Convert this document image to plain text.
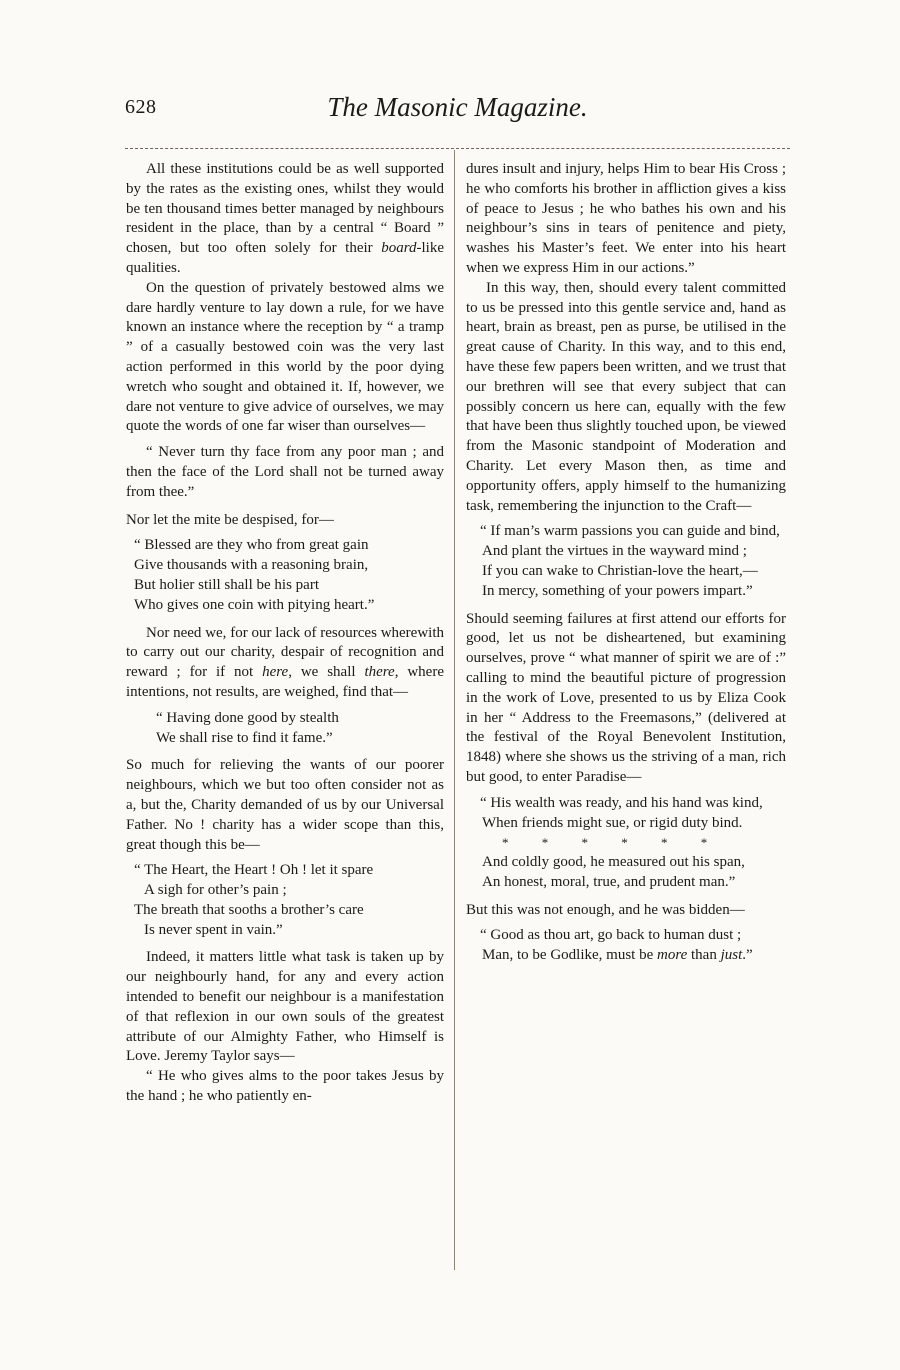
628	The Masonic Magazine.

All these institutions could be as well supported by the rates as the existing ones, whilst they would be ten thousand times better managed by neighbours resident in the place, than by a central “ Board ” chosen, but too often solely for their board-like qualities.

On the question of privately bestowed alms we dare hardly venture to lay down a rule, for we have known an instance where the reception by “ a tramp ” of a casually bestowed coin was the very last action performed in this world by the poor dying wretch who sought and obtained it. If, however, we dare not venture to give advice of ourselves, we may quote the words of one far wiser than ourselves—

“ Never turn thy face from any poor man ; and then the face of the Lord shall not be turned away from thee.”

Nor let the mite be despised, for—

“ Blessed are they who from great gain
Give thousands with a reasoning brain,
But holier still shall be his part
Who gives one coin with pitying heart.”

Nor need we, for our lack of resources wherewith to carry out our charity, despair of recognition and reward ; for if not here, we shall there, where intentions, not results, are weighed, find that—

“ Having done good by stealth
We shall rise to find it fame.”

So much for relieving the wants of our poorer neighbours, which we but too often consider not as a, but the, Charity demanded of us by our Universal Father. No ! charity has a wider scope than this, great though this be—

“ The Heart, the Heart ! Oh ! let it spare
A sigh for other’s pain ;
The breath that sooths a brother’s care
Is never spent in vain.”

Indeed, it matters little what task is taken up by our neighbourly hand, for any and every action intended to benefit our neighbour is a manifestation of that reflexion in our own souls of the greatest attribute of our Almighty Father, who Himself is Love. Jeremy Taylor says—

“ He who gives alms to the poor takes Jesus by the hand ; he who patiently en-

dures insult and injury, helps Him to bear His Cross ; he who comforts his brother in affliction gives a kiss of peace to Jesus ; he who bathes his own and his neighbour’s sins in tears of penitence and piety, washes his Master’s feet. We enter into his heart when we express Him in our actions.”

In this way, then, should every talent committed to us be pressed into this gentle service and, hand as heart, brain as breast, pen as purse, be utilised in the great cause of Charity. In this way, and to this end, have these few papers been written, and we trust that our brethren will see that every subject that can possibly concern us here can, equally with the few that have been thus slightly touched upon, be viewed from the Masonic standpoint of Moderation and Charity. Let every Mason then, as time and opportunity offers, apply himself to the humanizing task, remembering the injunction to the Craft—

“ If man’s warm passions you can guide and bind,
And plant the virtues in the wayward mind ;
If you can wake to Christian-love the heart,—
In mercy, something of your powers impart.”

Should seeming failures at first attend our efforts for good, let us not be disheartened, but examining ourselves, prove “ what manner of spirit we are of :” calling to mind the beautiful picture of progression in the work of Love, presented to us by Eliza Cook in her “ Address to the Freemasons,” (delivered at the festival of the Royal Benevolent Institution, 1848) where she shows us the striving of a man, rich but good, to enter Paradise—

“ His wealth was ready, and his hand was kind,
When friends might sue, or rigid duty bind.
* * * * * *
And coldly good, he measured out his span,
An honest, moral, true, and prudent man.”

But this was not enough, and he was bidden—

“ Good as thou art, go back to human dust ;
Man, to be Godlike, must be more than just.”
